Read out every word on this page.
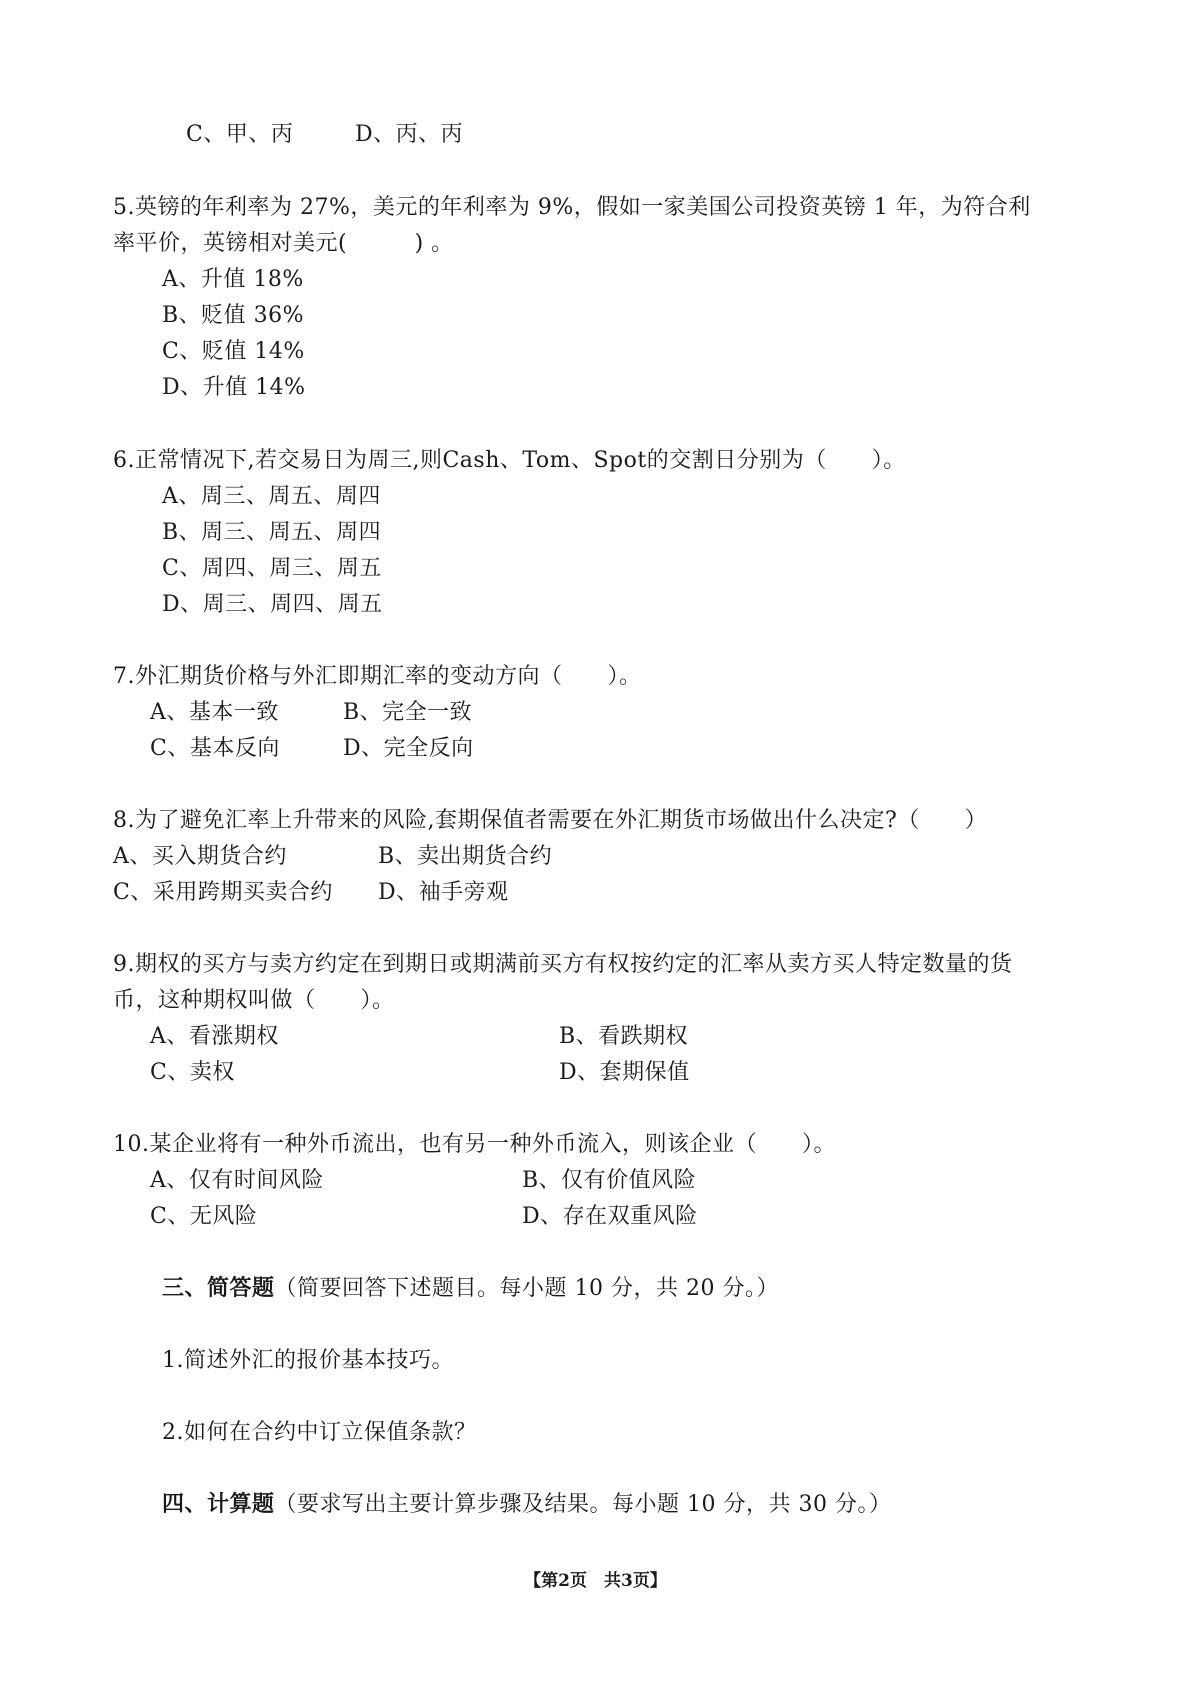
C、甲、丙	D、丙、丙
5.英镑的年利率为 27%，美元的年利率为 9%，假如一家美国公司投资英镑 1 年，为符合利
率平价，英镑相对美元(　　　) 。
A、升值 18%
B、贬值 36%
C、贬值 14%
D、升值 14%
6.正常情况下,若交易日为周三,则Cash、Tom、Spot的交割日分别为（　　）。
A、周三、周五、周四
B、周三、周五、周四
C、周四、周三、周五
D、周三、周四、周五
7.外汇期货价格与外汇即期汇率的变动方向（　　）。
A、基本一致	B、完全一致
C、基本反向	D、完全反向
8.为了避免汇率上升带来的风险,套期保值者需要在外汇期货市场做出什么决定?（　　）
A、买入期货合约	B、卖出期货合约
C、采用跨期买卖合约 D、袖手旁观
9.期权的买方与卖方约定在到期日或期满前买方有权按约定的汇率从卖方买人特定数量的货
币，这种期权叫做（　　）。
A、看涨期权	B、看跌期权
C、卖权	D、套期保值
10.某企业将有一种外币流出，也有另一种外币流入，则该企业（　　）。
A、仅有时间风险	B、仅有价值风险
C、无风险	D、存在双重风险
三、简答题（简要回答下述题目。每小题 10 分，共 20 分。）
1.简述外汇的报价基本技巧。
2.如何在合约中订立保值条款？
四、计算题（要求写出主要计算步骤及结果。每小题 10 分，共 30 分。）
【第2页　共3页】
